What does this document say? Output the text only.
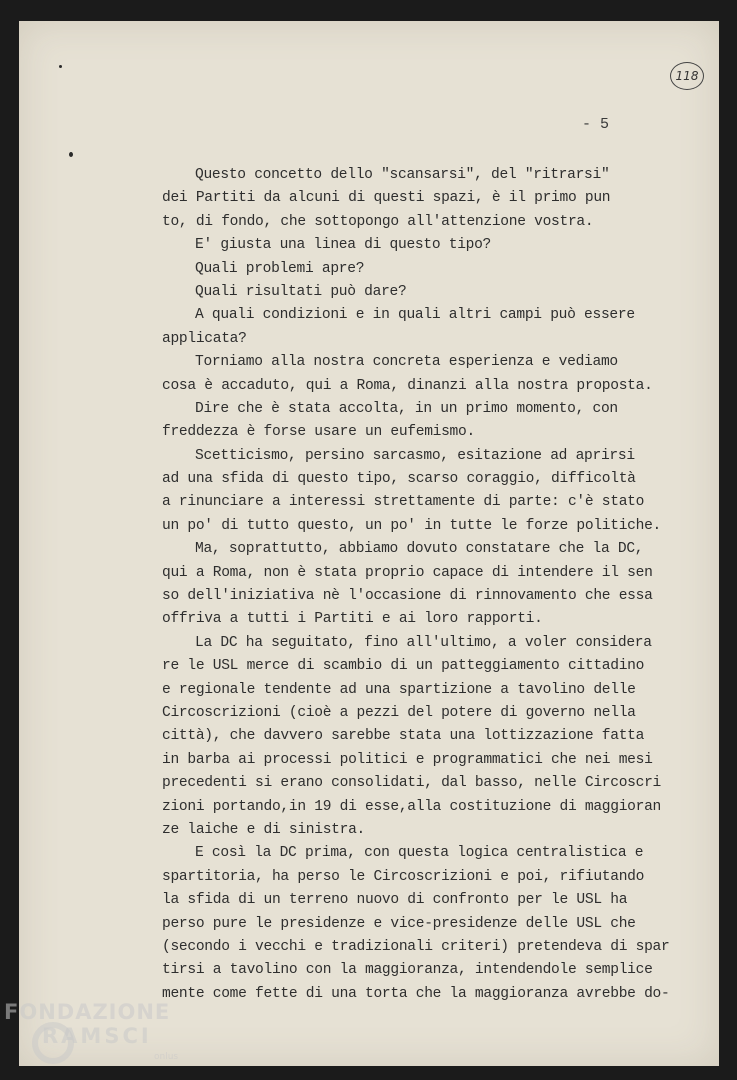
118
- 5
Questo concetto dello "scansarsi", del "ritrarsi"
dei Partiti da alcuni di questi spazi, è il primo pun
to, di fondo, che sottopongo all'attenzione vostra.
E' giusta una linea di questo tipo?
Quali problemi apre?
Quali risultati può dare?
A quali condizioni e in quali altri campi può essere
applicata?
Torniamo alla nostra concreta esperienza e vediamo
cosa è accaduto, qui a Roma, dinanzi alla nostra proposta.
Dire che è stata accolta, in un primo momento, con
freddezza è forse usare un eufemismo.
Scetticismo, persino sarcasmo, esitazione ad aprirsi
ad una sfida di questo tipo, scarso coraggio, difficoltà
a rinunciare a interessi strettamente di parte: c'è stato
un po' di tutto questo, un po' in tutte le forze politiche.
Ma, soprattutto, abbiamo dovuto constatare che la DC,
qui a Roma, non è stata proprio capace di intendere il sen
so dell'iniziativa nè l'occasione di rinnovamento che essa
offriva a tutti i Partiti e ai loro rapporti.
La DC ha seguitato, fino all'ultimo, a voler considera
re le USL merce di scambio di un patteggiamento cittadino
e regionale tendente ad una spartizione a tavolino delle
Circoscrizioni (cioè a pezzi del potere di governo nella
città), che davvero sarebbe stata una lottizzazione fatta
in barba ai processi politici e programmatici che nei mesi
precedenti si erano consolidati, dal basso, nelle Circoscri
zioni portando,in 19 di esse,alla costituzione di maggioran
ze laiche e di sinistra.
E così la DC prima, con questa logica centralistica e
spartitoria, ha perso le Circoscrizioni e poi, rifiutando
la sfida di un terreno nuovo di confronto per le USL ha
perso pure le presidenze e vice-presidenze delle USL che
(secondo i vecchi e tradizionali criteri) pretendeva di spar
tirsi a tavolino con la maggioranza, intendendole semplice
mente come fette di una torta che la maggioranza avrebbe do-
FONDAZIONE
RAMSCI
onlus
